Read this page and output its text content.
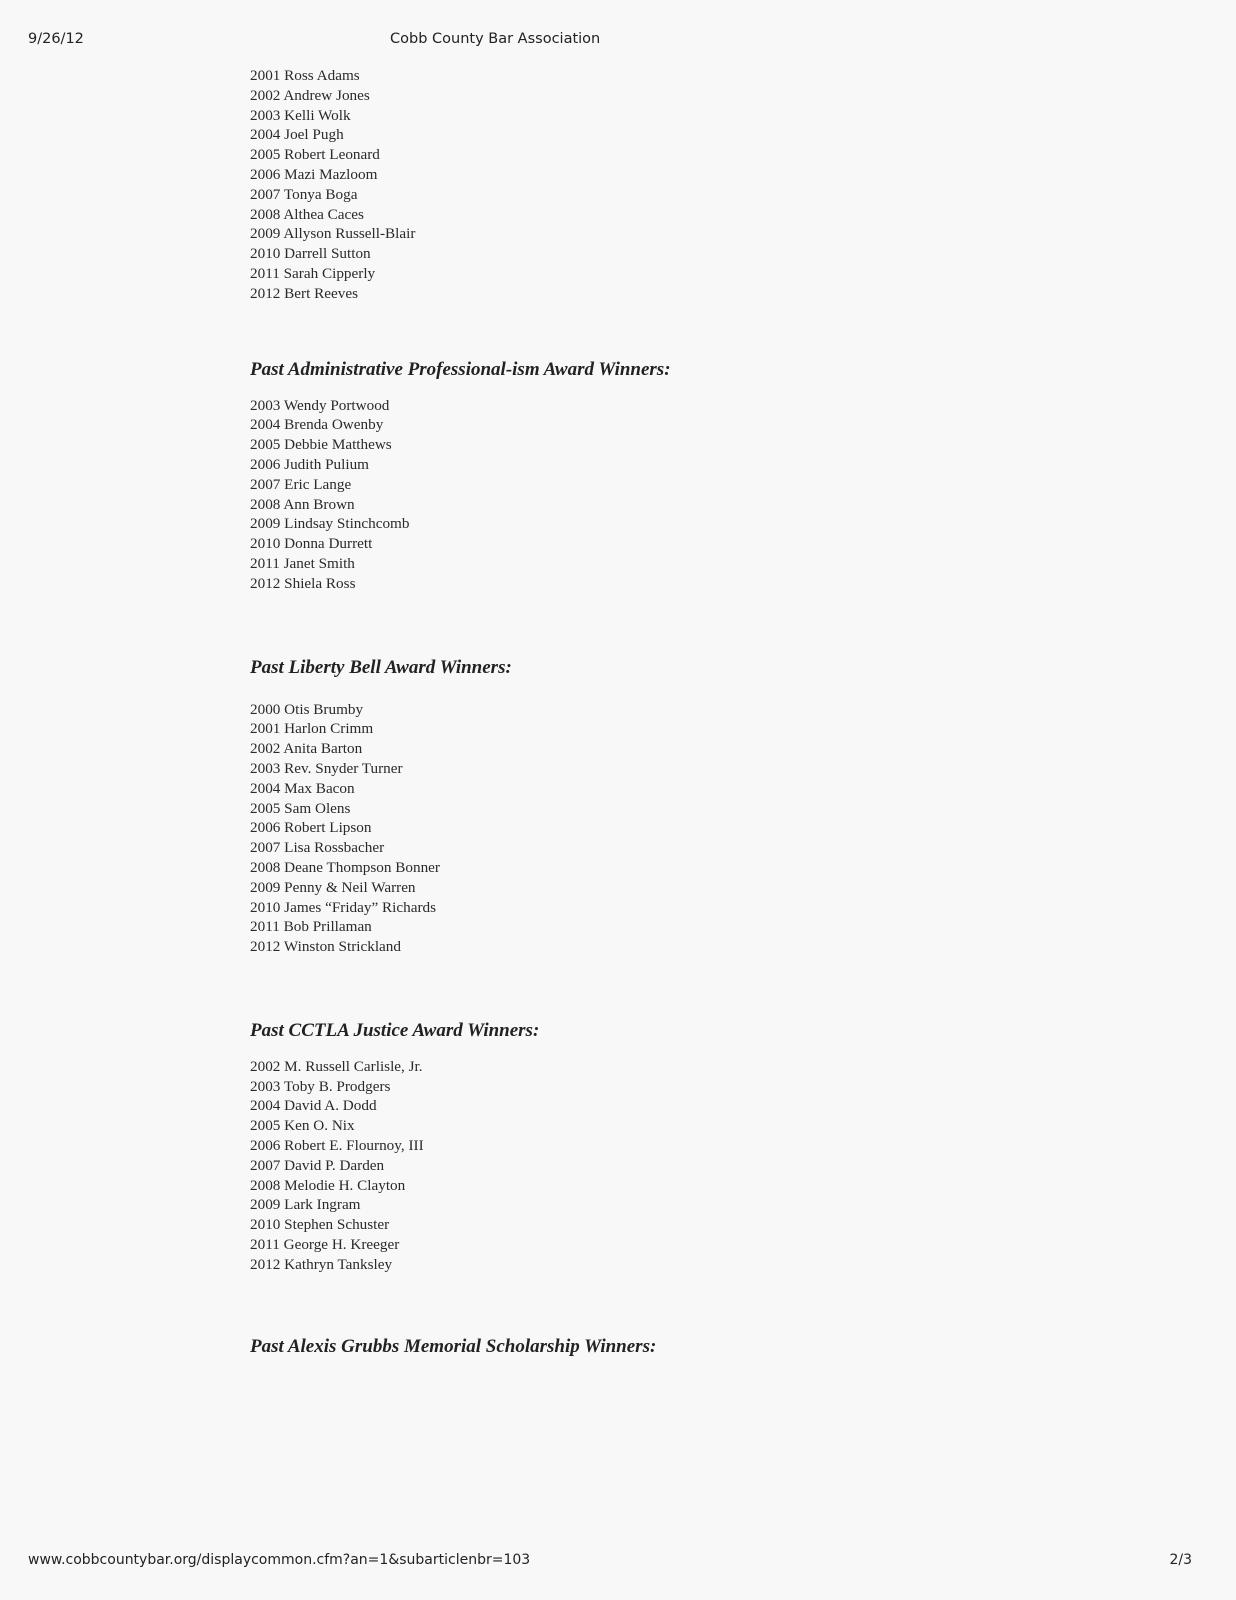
9/26/12	Cobb County Bar Association
2001 Ross Adams
2002 Andrew Jones
2003 Kelli Wolk
2004 Joel Pugh
2005 Robert Leonard
2006 Mazi Mazloom
2007 Tonya Boga
2008 Althea Caces
2009 Allyson Russell-Blair
2010 Darrell Sutton
2011 Sarah Cipperly
2012 Bert Reeves
Past Administrative Professional-ism Award Winners:
2003 Wendy Portwood
2004 Brenda Owenby
2005 Debbie Matthews
2006 Judith Pulium
2007 Eric Lange
2008 Ann Brown
2009 Lindsay Stinchcomb
2010 Donna Durrett
2011 Janet Smith
2012 Shiela Ross
Past Liberty Bell Award Winners:
2000 Otis Brumby
2001 Harlon Crimm
2002 Anita Barton
2003 Rev. Snyder Turner
2004 Max Bacon
2005 Sam Olens
2006 Robert Lipson
2007 Lisa Rossbacher
2008 Deane Thompson Bonner
2009 Penny & Neil Warren
2010 James “Friday” Richards
2011 Bob Prillaman
2012 Winston Strickland
Past CCTLA Justice Award Winners:
2002 M. Russell Carlisle, Jr.
2003 Toby B. Prodgers
2004 David A. Dodd
2005 Ken O. Nix
2006 Robert E. Flournoy, III
2007 David P. Darden
2008 Melodie H. Clayton
2009 Lark Ingram
2010 Stephen Schuster
2011 George H. Kreeger
2012 Kathryn Tanksley
Past Alexis Grubbs Memorial Scholarship Winners:
www.cobbcountybar.org/displaycommon.cfm?an=1&subarticlenbr=103	2/3
